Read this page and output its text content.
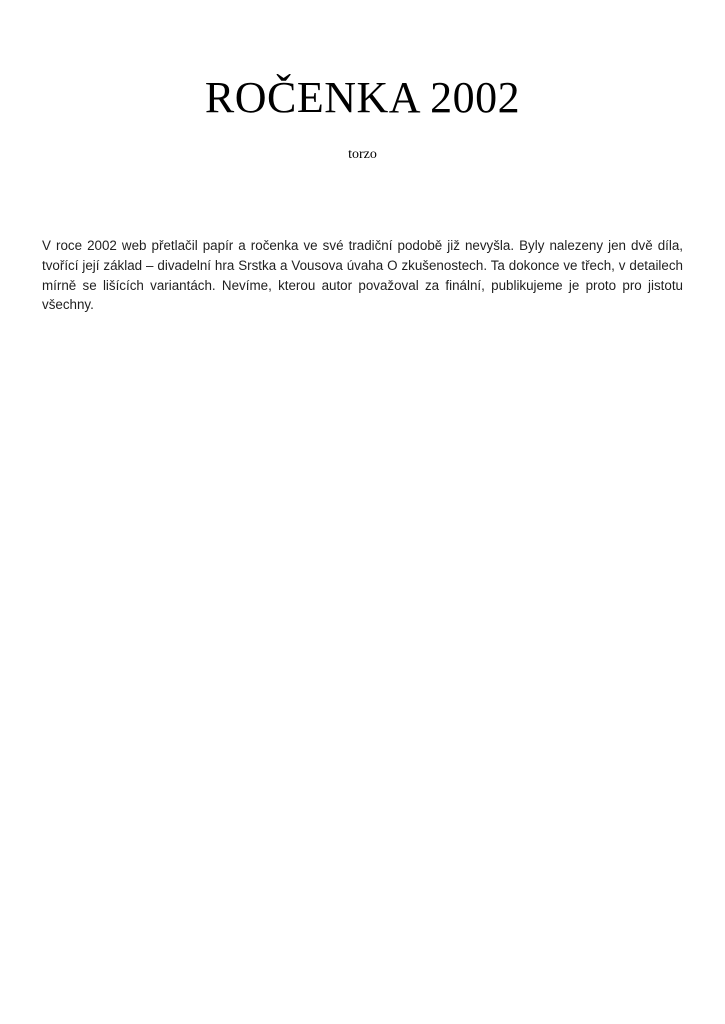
ROČENKA 2002
torzo

V roce 2002 web přetlačil papír a ročenka ve své tradiční podobě již nevyšla. Byly nalezeny jen dvě díla, tvořící její základ – divadelní hra Srstka a Vousova úvaha O zkušenostech. Ta dokonce ve třech, v detailech mírně se lišících variantách. Nevíme, kterou autor považoval za finální, publikujeme je proto pro jistotu všechny.
